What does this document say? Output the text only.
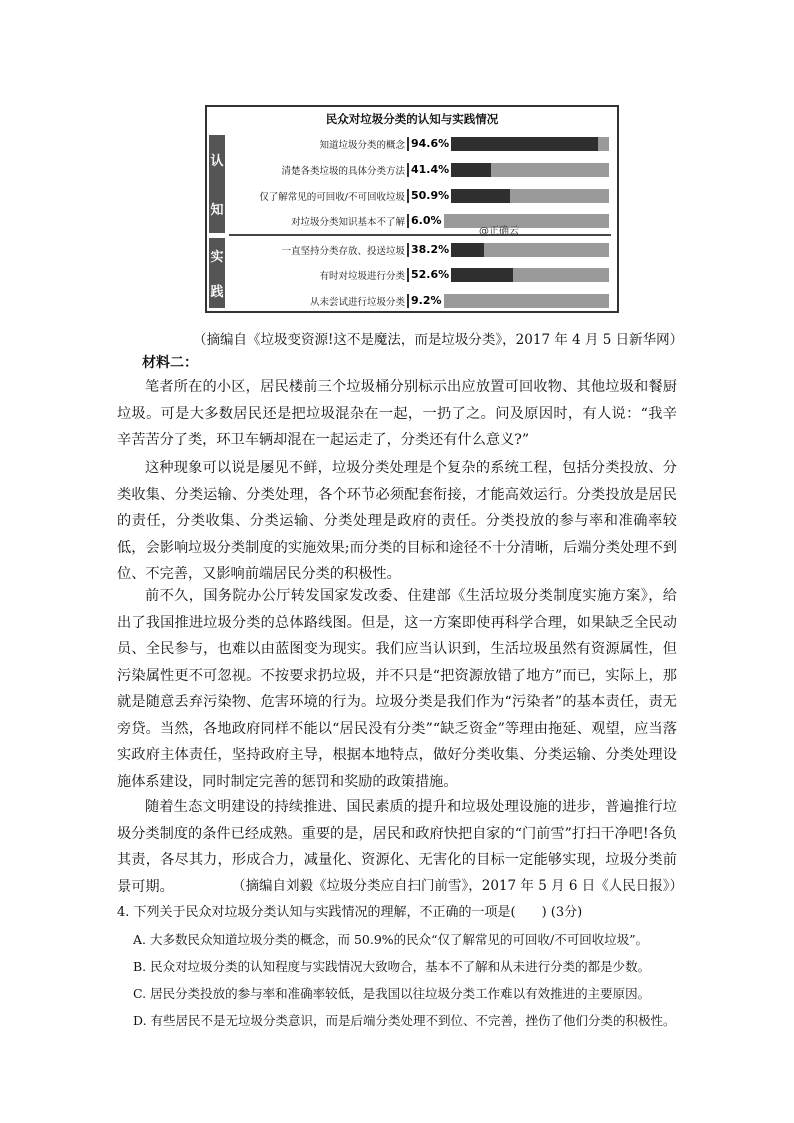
民众对垃圾分类的认知与实践情况
认
知
实
践
知道垃圾分类的概念 94.6%
清楚各类垃圾的具体分类方法 41.4%
仅了解常见的可回收/不可回收垃圾 50.9%
对垃圾分类知识基本不了解 6.0%
一直坚持分类存放、投送垃圾 38.2%
有时对垃圾进行分类 52.6%
从未尝试进行垃圾分类 9.2%
@正确云
（摘编自《垃圾变资源!这不是魔法，而是垃圾分类》，2017 年 4 月 5 日新华网）
材料二：
笔者所在的小区，居民楼前三个垃圾桶分别标示出应放置可回收物、其他垃圾和餐厨垃圾。可是大多数居民还是把垃圾混杂在一起，一扔了之。问及原因时，有人说：“我辛辛苦苦分了类，环卫车辆却混在一起运走了，分类还有什么意义?”
这种现象可以说是屡见不鲜，垃圾分类处理是个复杂的系统工程，包括分类投放、分类收集、分类运输、分类处理，各个环节必须配套衔接，才能高效运行。分类投放是居民的责任，分类收集、分类运输、分类处理是政府的责任。分类投放的参与率和准确率较低，会影响垃圾分类制度的实施效果;而分类的目标和途径不十分清晰，后端分类处理不到位、不完善，又影响前端居民分类的积极性。
前不久，国务院办公厅转发国家发改委、住建部《生活垃圾分类制度实施方案》，给出了我国推进垃圾分类的总体路线图。但是，这一方案即使再科学合理，如果缺乏全民动员、全民参与，也难以由蓝图变为现实。我们应当认识到，生活垃圾虽然有资源属性，但污染属性更不可忽视。不按要求扔垃圾，并不只是“把资源放错了地方”而已，实际上，那就是随意丢弃污染物、危害环境的行为。垃圾分类是我们作为“污染者”的基本责任，责无旁贷。当然，各地政府同样不能以“居民没有分类”“缺乏资金”等理由拖延、观望，应当落实政府主体责任，坚持政府主导，根据本地特点，做好分类收集、分类运输、分类处理设施体系建设，同时制定完善的惩罚和奖励的政策措施。
随着生态文明建设的持续推进、国民素质的提升和垃圾处理设施的进步，普遍推行垃圾分类制度的条件已经成熟。重要的是，居民和政府快把自家的“门前雪”打扫干净吧!各负其责，各尽其力，形成合力，减量化、资源化、无害化的目标一定能够实现，垃圾分类前景可期。	（摘编自刘毅《垃圾分类应自扫门前雪》，2017 年 5 月 6 日《人民日报》）
4. 下列关于民众对垃圾分类认知与实践情况的理解，不正确的一项是(　　) (3分)
A. 大多数民众知道垃圾分类的概念，而 50.9%的民众“仅了解常见的可回收/不可回收垃圾”。
B. 民众对垃圾分类的认知程度与实践情况大致吻合，基本不了解和从未进行分类的都是少数。
C. 居民分类投放的参与率和准确率较低，是我国以往垃圾分类工作难以有效推进的主要原因。
D. 有些居民不是无垃圾分类意识，而是后端分类处理不到位、不完善，挫伤了他们分类的积极性。
